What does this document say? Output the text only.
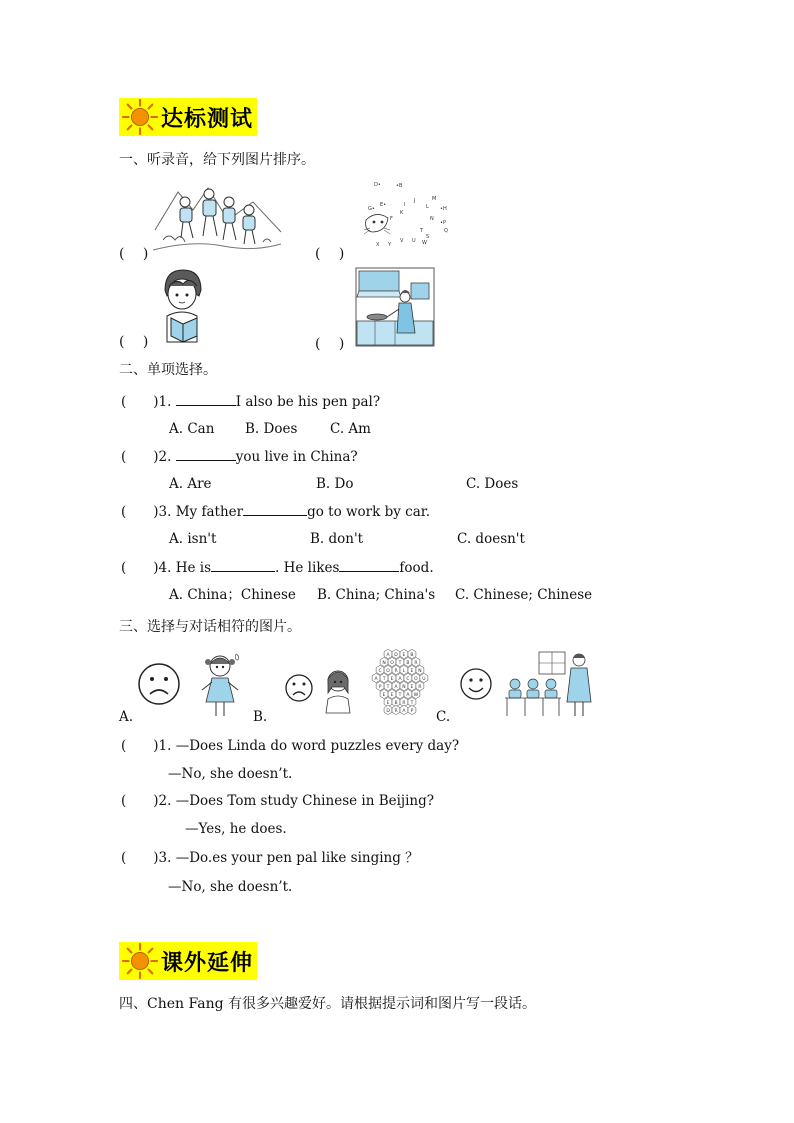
达标测试
一、听录音，给下列图片排序。
(　 )
D•	•B
J
L
M
•H
I
K
G•
E•
F	N
•P
Q
T
S
U
V
Y
X	W
(　 )
(　 )	(　 )
二、单项选择。
(　　)1.	I also be his pen pal?
A. Can B. Does C. Am
(　　)2.	you live in China?
A. Are	B. Do	C. Does
(　　)3. My father	go to work by car.
A. isn't	B. don't	C. doesn't
(　　)4. He is	. He likes	food.
A. China；Chinese B. China; China's C. Chinese; Chinese
三、选择与对话相符的图片。
A.
A D E B
N O T B R
C O R L E N
A T E A C O U
P T A N E R
E E T A W
E B R T
D R A P
B.	C.
(　　)1. —Does Linda do word puzzles every day?
—No, she doesn’t.
(　　)2. —Does Tom study Chinese in Beijing?
—Yes, he does.
(　　)3. —Do.es your pen pal like singing ？
—No, she doesn’t.
课外延伸
四、Chen Fang 有很多兴趣爱好。请根据提示词和图片写一段话。
